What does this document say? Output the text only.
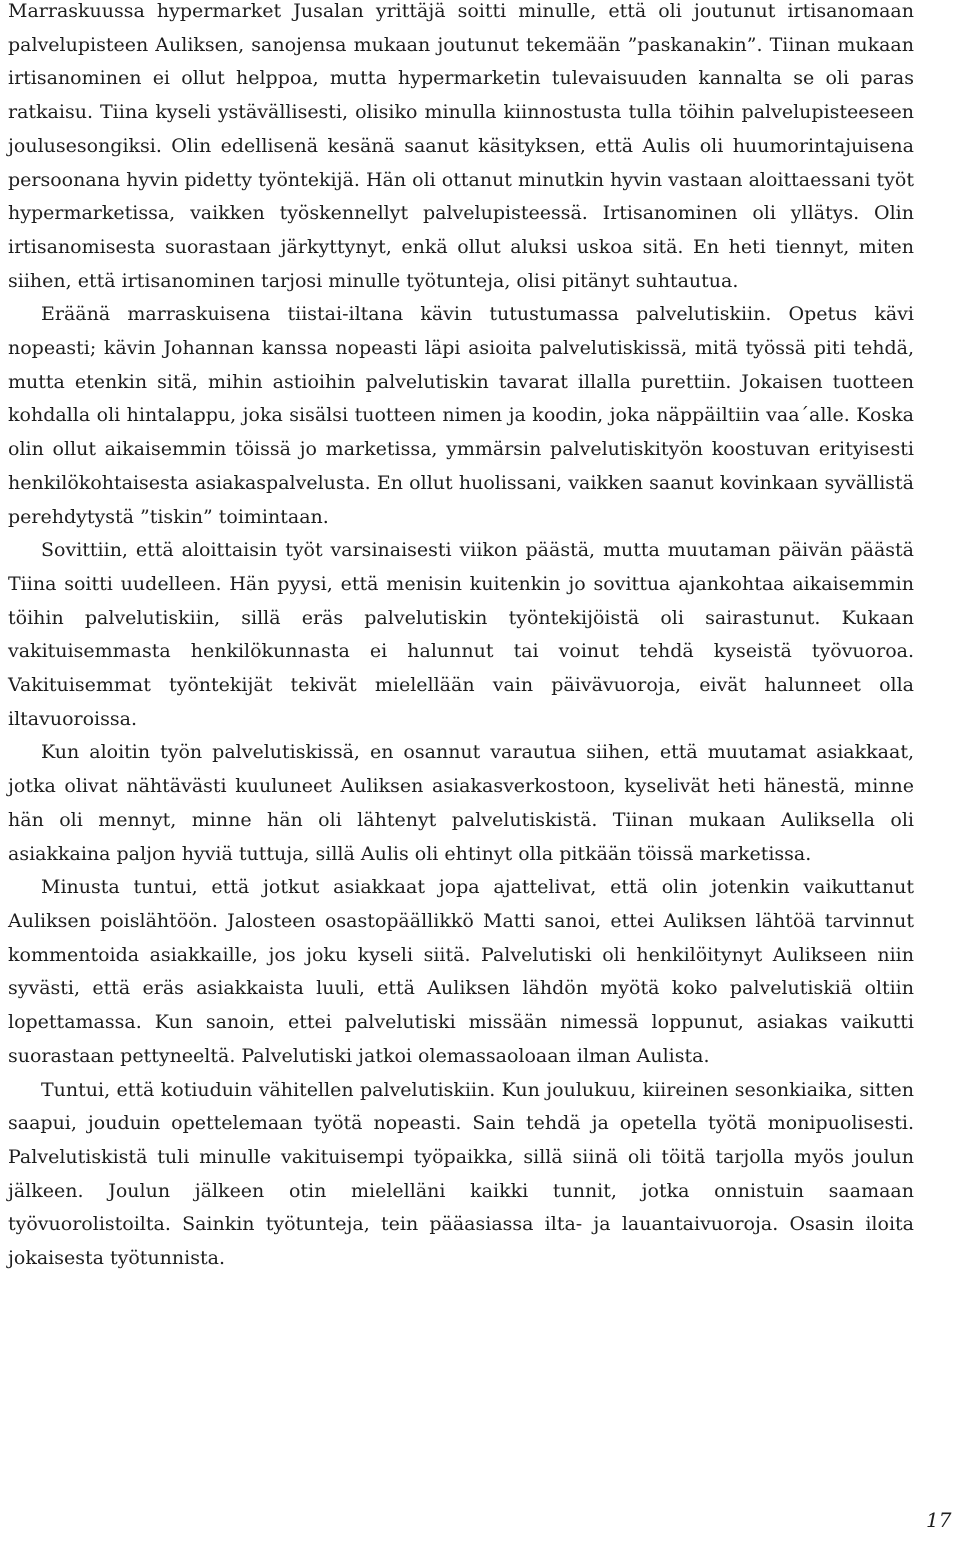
Marraskuussa hypermarket Jusalan yrittäjä soitti minulle, että oli joutunut irtisanomaan palvelupisteen Auliksen, sanojensa mukaan joutunut tekemään ”paskanakin”. Tiinan mukaan irtisanominen ei ollut helppoa, mutta hypermarketin tulevaisuuden kannalta se oli paras ratkaisu. Tiina kyseli ystävällisesti, olisiko minulla kiinnostusta tulla töihin palvelupisteeseen joulusesongiksi. Olin edellisenä kesänä saanut käsityksen, että Aulis oli huumorintajuisena persoonana hyvin pidetty työntekijä. Hän oli ottanut minutkin hyvin vastaan aloittaessani työt hypermarketissa, vaikken työskennellyt palvelupisteessä. Irtisanominen oli yllätys. Olin irtisanomisesta suorastaan järkyttynyt, enkä ollut aluksi uskoa sitä. En heti tiennyt, miten siihen, että irtisanominen tarjosi minulle työtunteja, olisi pitänyt suhtautua.

Eräänä marraskuisena tiistai-iltana kävin tutustumassa palvelutiskiin. Opetus kävi nopeasti; kävin Johannan kanssa nopeasti läpi asioita palvelutiskissä, mitä työssä piti tehdä, mutta etenkin sitä, mihin astioihin palvelutiskin tavarat illalla purettiin. Jokaisen tuotteen kohdalla oli hintalappu, joka sisälsi tuotteen nimen ja koodin, joka näppäiltiin vaa´alle. Koska olin ollut aikaisemmin töissä jo marketissa, ymmärsin palvelutiskityön koostuvan erityisesti henkilökohtaisesta asiakaspalvelusta. En ollut huolissani, vaikken saanut kovinkaan syvällistä perehdytystä ”tiskin” toimintaan.

Sovittiin, että aloittaisin työt varsinaisesti viikon päästä, mutta muutaman päivän päästä Tiina soitti uudelleen. Hän pyysi, että menisin kuitenkin jo sovittua ajankohtaa aikaisemmin töihin palvelutiskiin, sillä eräs palvelutiskin työntekijöistä oli sairastunut. Kukaan vakituisemmasta henkilökunnasta ei halunnut tai voinut tehdä kyseistä työvuoroa. Vakituisemmat työntekijät tekivät mielellään vain päivävuoroja, eivät halunneet olla iltavuoroissa.

Kun aloitin työn palvelutiskissä, en osannut varautua siihen, että muutamat asiakkaat, jotka olivat nähtävästi kuuluneet Auliksen asiakasverkostoon, kyselivät heti hänestä, minne hän oli mennyt, minne hän oli lähtenyt palvelutiskistä. Tiinan mukaan Auliksella oli asiakkaina paljon hyviä tuttuja, sillä Aulis oli ehtinyt olla pitkään töissä marketissa.

Minusta tuntui, että jotkut asiakkaat jopa ajattelivat, että olin jotenkin vaikuttanut Auliksen poislähtöön. Jalosteen osastopäällikkö Matti sanoi, ettei Auliksen lähtöä tarvinnut kommentoida asiakkaille, jos joku kyseli siitä. Palvelutiski oli henkilöitynyt Aulikseen niin syvästi, että eräs asiakkaista luuli, että Auliksen lähdön myötä koko palvelutiskiä oltiin lopettamassa. Kun sanoin, ettei palvelutiski missään nimessä loppunut, asiakas vaikutti suorastaan pettyneeltä. Palvelutiski jatkoi olemassaoloaan ilman Aulista.

Tuntui, että kotiuduin vähitellen palvelutiskiin. Kun joulukuu, kiireinen sesonkiaika, sitten saapui, jouduin opettelemaan työtä nopeasti. Sain tehdä ja opetella työtä monipuolisesti. Palvelutiskistä tuli minulle vakituisempi työpaikka, sillä siinä oli töitä tarjolla myös joulun jälkeen. Joulun jälkeen otin mielelläni kaikki tunnit, jotka onnistuin saamaan työvuorolistoilta. Sainkin työtunteja, tein pääasiassa ilta- ja lauantaivuoroja. Osasin iloita jokaisesta työtunnista.

17
